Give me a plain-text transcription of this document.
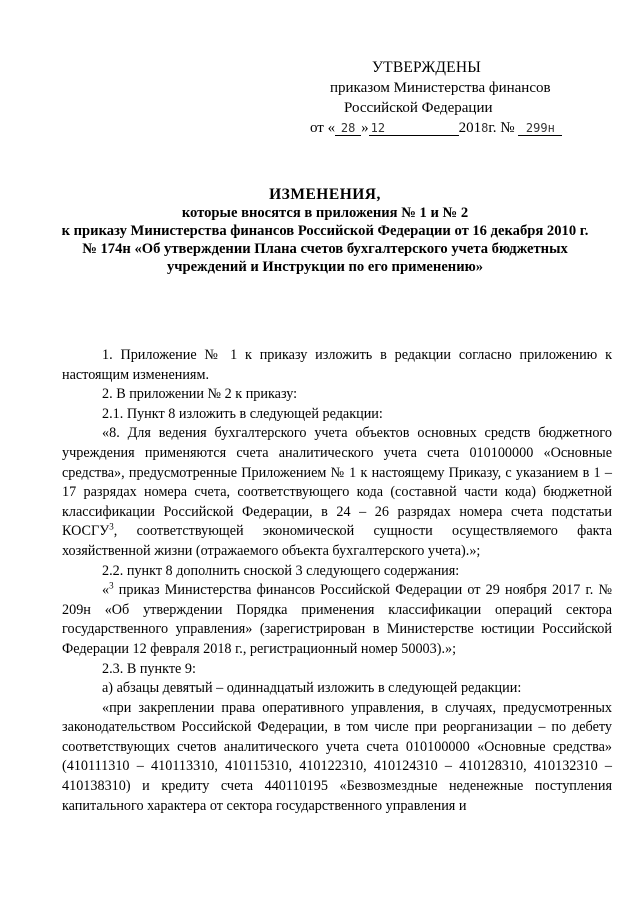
УТВЕРЖДЕНЫ
приказом Министерства финансов
Российской Федерации
от « 28 » 12	2018г. № 299н
ИЗМЕНЕНИЯ,
которые вносятся в приложения № 1 и № 2
к приказу Министерства финансов Российской Федерации от 16 декабря 2010 г.
№ 174н «Об утверждении Плана счетов бухгалтерского учета бюджетных
учреждений и Инструкции по его применению»

1. Приложение № 1 к приказу изложить в редакции согласно приложению к настоящим изменениям.

2. В приложении № 2 к приказу:

2.1. Пункт 8 изложить в следующей редакции:

«8. Для ведения бухгалтерского учета объектов основных средств бюджетного учреждения применяются счета аналитического учета счета 010100000 «Основные средства», предусмотренные Приложением № 1 к настоящему Приказу, с указанием в 1 – 17 разрядах номера счета, соответствующего кода (составной части кода) бюджетной классификации Российской Федерации, в 24 – 26 разрядах номера счета подстатьи КОСГУ$^3$, соответствующей экономической сущности осуществляемого факта хозяйственной жизни (отражаемого объекта бухгалтерского учета).»;

2.2. пункт 8 дополнить сноской 3 следующего содержания:

«$^3$ приказ Министерства финансов Российской Федерации от 29 ноября 2017 г. № 209н «Об утверждении Порядка применения классификации операций сектора государственного управления» (зарегистрирован в Министерстве юстиции Российской Федерации 12 февраля 2018 г., регистрационный номер 50003).»;

2.3. В пункте 9:

а) абзацы девятый – одиннадцатый изложить в следующей редакции:

«при закреплении права оперативного управления, в случаях, предусмотренных законодательством Российской Федерации, в том числе при реорганизации – по дебету соответствующих счетов аналитического учета счета 010100000 «Основные средства» (410111310 – 410113310, 410115310, 410122310, 410124310 – 410128310, 410132310 – 410138310) и кредиту счета 440110195 «Безвозмездные неденежные поступления капитального характера от сектора государственного управления и
